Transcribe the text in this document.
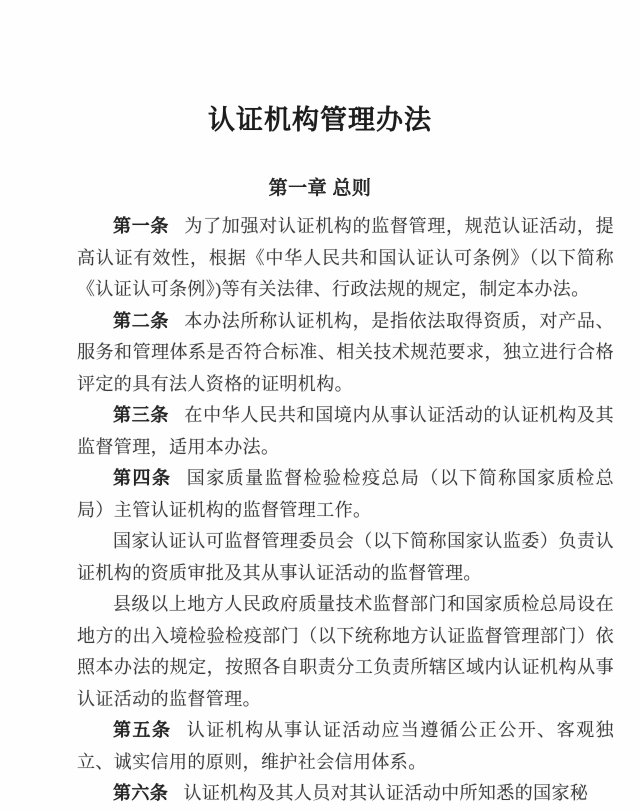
认证机构管理办法
第一章 总则

第一条 为了加强对认证机构的监督管理，规范认证活动，提高认证有效性，根据《中华人民共和国认证认可条例》（以下简称《认证认可条例》)等有关法律、行政法规的规定，制定本办法。

第二条 本办法所称认证机构，是指依法取得资质，对产品、服务和管理体系是否符合标准、相关技术规范要求，独立进行合格评定的具有法人资格的证明机构。

第三条 在中华人民共和国境内从事认证活动的认证机构及其监督管理，适用本办法。

第四条 国家质量监督检验检疫总局（以下简称国家质检总局）主管认证机构的监督管理工作。

国家认证认可监督管理委员会（以下简称国家认监委）负责认证机构的资质审批及其从事认证活动的监督管理。

县级以上地方人民政府质量技术监督部门和国家质检总局设在地方的出入境检验检疫部门（以下统称地方认证监督管理部门）依照本办法的规定，按照各自职责分工负责所辖区域内认证机构从事认证活动的监督管理。

第五条 认证机构从事认证活动应当遵循公正公开、客观独立、诚实信用的原则，维护社会信用体系。

第六条 认证机构及其人员对其认证活动中所知悉的国家秘
